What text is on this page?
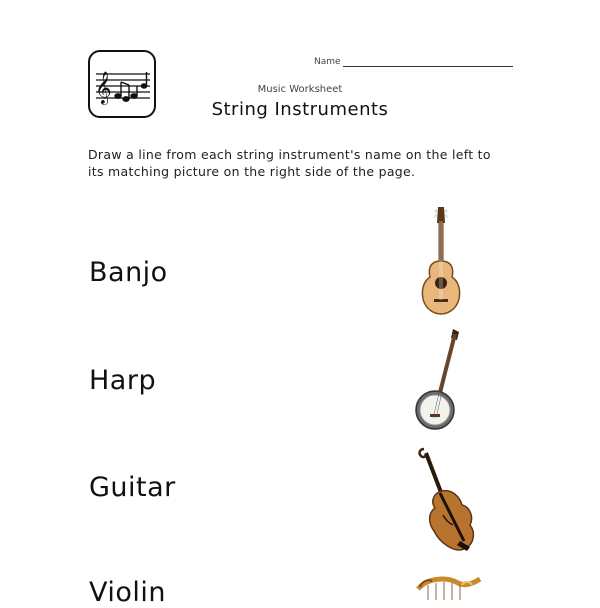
𝄞
Name
Music Worksheet
String Instruments
Draw a line from each string instrument's name on the left to its matching picture on the right side of the page.
Banjo
Harp
Guitar
Violin
